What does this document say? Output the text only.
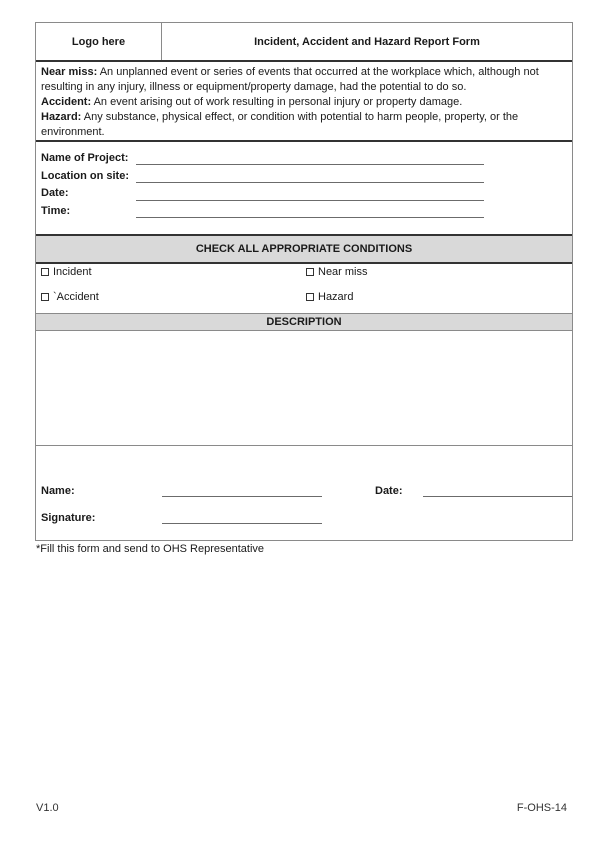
Logo here	Incident, Accident and Hazard Report Form
Near miss: An unplanned event or series of events that occurred at the workplace which, although not resulting in any injury, illness or equipment/property damage, had the potential to do so.
Accident: An event arising out of work resulting in personal injury or property damage.
Hazard: Any substance, physical effect, or condition with potential to harm people, property, or the environment.
Name of Project:
Location on site:
Date:
Time:
CHECK ALL APPROPRIATE CONDITIONS
Incident	Near miss
`Accident	Hazard
DESCRIPTION
Name:	Date:
Signature:
*Fill this form and send to OHS Representative
V1.0	F-OHS-14
